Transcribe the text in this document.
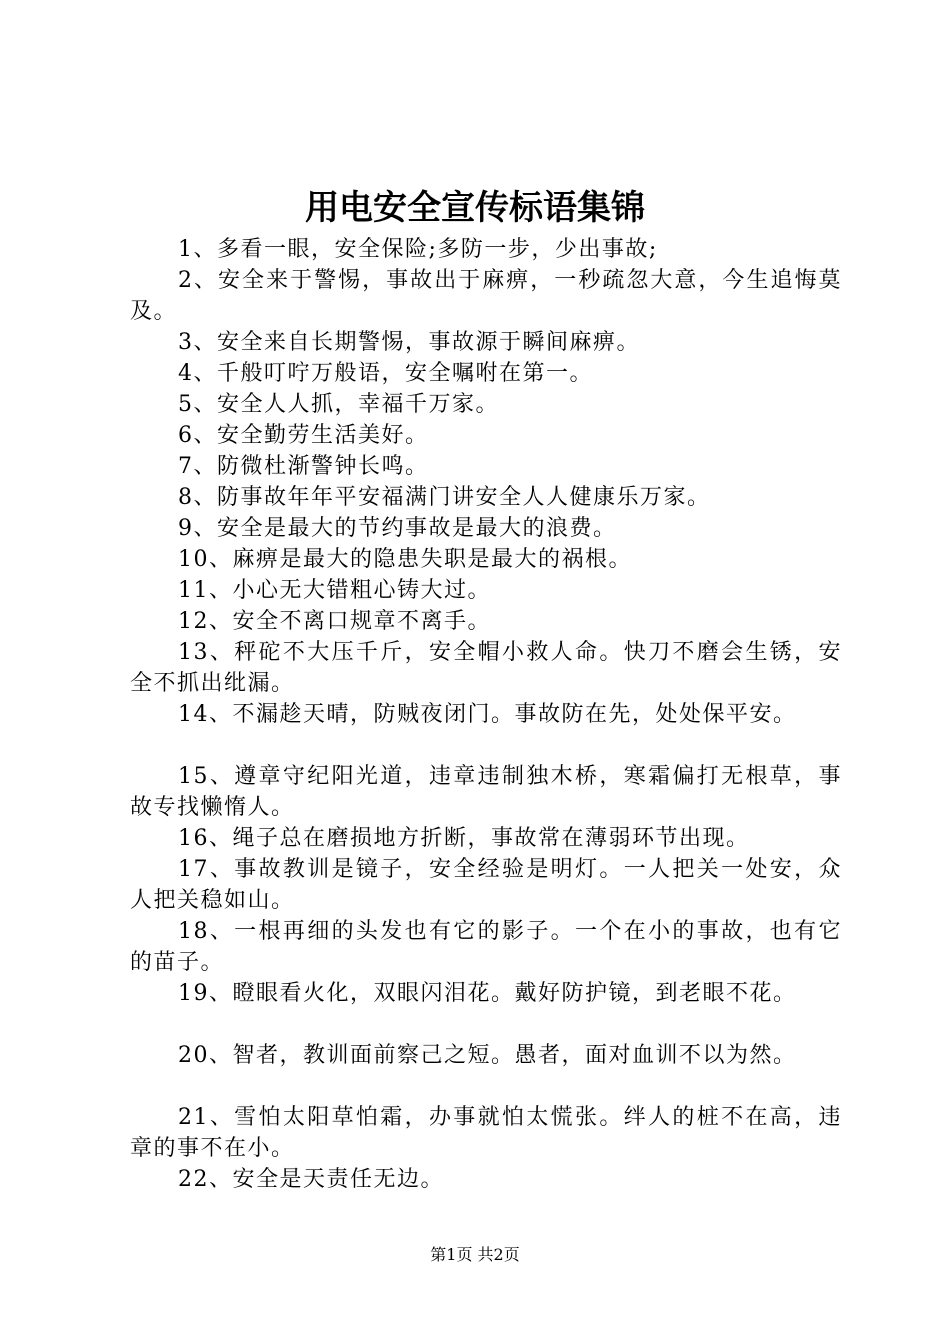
用电安全宣传标语集锦

1、多看一眼，安全保险;多防一步，少出事故;

2、安全来于警惕，事故出于麻痹，一秒疏忽大意，今生追悔莫及。

3、安全来自长期警惕，事故源于瞬间麻痹。

4、千般叮咛万般语，安全嘱咐在第一。

5、安全人人抓，幸福千万家。

6、安全勤劳生活美好。

7、防微杜渐警钟长鸣。

8、防事故年年平安福满门讲安全人人健康乐万家。

9、安全是最大的节约事故是最大的浪费。

10、麻痹是最大的隐患失职是最大的祸根。

11、小心无大错粗心铸大过。

12、安全不离口规章不离手。

13、秤砣不大压千斤，安全帽小救人命。快刀不磨会生锈，安全不抓出纰漏。

14、不漏趁天晴，防贼夜闭门。事故防在先，处处保平安。

15、遵章守纪阳光道，违章违制独木桥，寒霜偏打无根草，事故专找懒惰人。

16、绳子总在磨损地方折断，事故常在薄弱环节出现。

17、事故教训是镜子，安全经验是明灯。一人把关一处安，众人把关稳如山。

18、一根再细的头发也有它的影子。一个在小的事故，也有它的苗子。

19、瞪眼看火化，双眼闪泪花。戴好防护镜，到老眼不花。

20、智者，教训面前察己之短。愚者，面对血训不以为然。

21、雪怕太阳草怕霜，办事就怕太慌张。绊人的桩不在高，违章的事不在小。

22、安全是天责任无边。

第1页 共2页
